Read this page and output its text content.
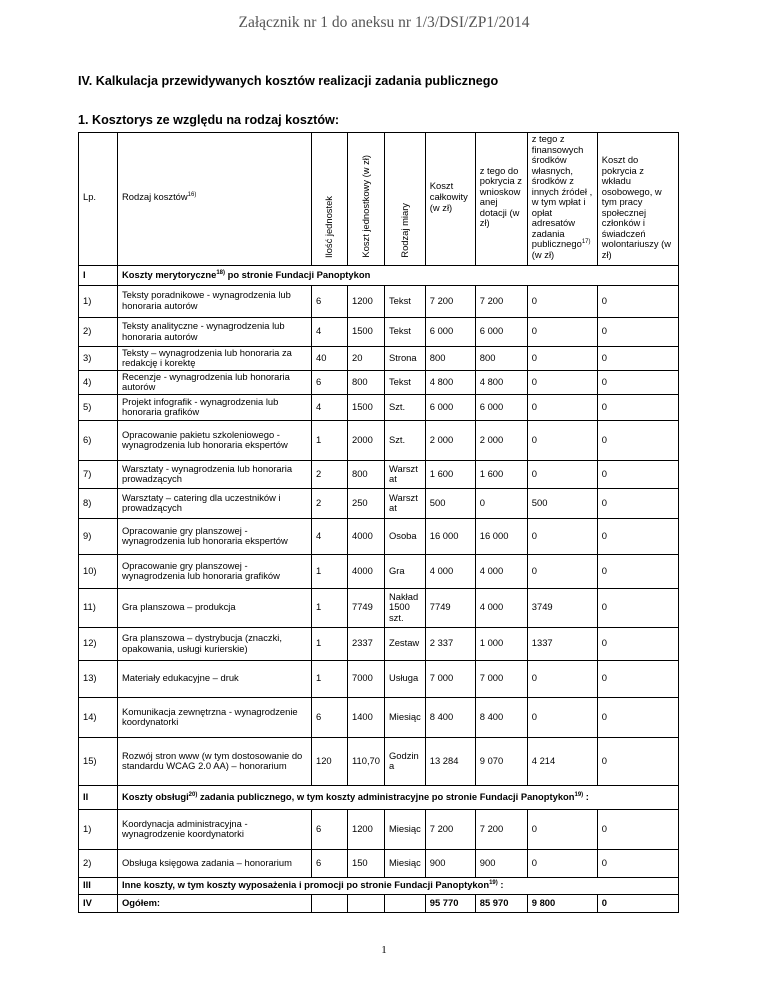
Załącznik nr 1 do aneksu nr 1/3/DSI/ZP1/2014
IV. Kalkulacja przewidywanych kosztów realizacji zadania publicznego
1. Kosztorys ze względu na rodzaj kosztów:
Lp.	Rodzaj kosztów$^{16)}$	Ilość jednostek	Koszt jednostkowy (w zł)	Rodzaj miary	Koszt całkowity (w zł)	z tego do pokrycia z wnioskow anej dotacji (w zł)	z tego z finansowych środków własnych, środków z innych źródeł , w tym wpłat i opłat adresatów zadania publicznego$^{17)}$ (w zł)	Koszt do pokrycia z wkładu osobowego, w tym pracy społecznej członków i świadczeń wolontariuszy (w zł)
I	Koszty merytoryczne$^{18)}$ po stronie Fundacji Panoptykon							
1)	Teksty poradnikowe - wynagrodzenia lub honoraria autorów	6	1200	Tekst	7 200	7 200	0	0
2)	Teksty analityczne - wynagrodzenia lub honoraria autorów	4	1500	Tekst	6 000	6 000	0	0
3)	Teksty – wynagrodzenia lub honoraria za redakcję i korektę	40	20	Strona	800	800	0	0
4)	Recenzje - wynagrodzenia lub honoraria autorów	6	800	Tekst	4 800	4 800	0	0
5)	Projekt infografik - wynagrodzenia lub honoraria grafików	4	1500	Szt.	6 000	6 000	0	0
6)	Opracowanie pakietu szkoleniowego - wynagrodzenia lub honoraria ekspertów	1	2000	Szt.	2 000	2 000	0	0
7)	Warsztaty - wynagrodzenia lub honoraria prowadzących	2	800	Warszt at	1 600	1 600	0	0
8)	Warsztaty – catering dla uczestników i prowadzących	2	250	Warszt at	500	0	500	0
9)	Opracowanie gry planszowej - wynagrodzenia lub honoraria ekspertów	4	4000	Osoba	16 000	16 000	0	0
10)	Opracowanie gry planszowej - wynagrodzenia lub honoraria grafików	1	4000	Gra	4 000	4 000	0	0
11)	Gra planszowa – produkcja	1	7749	Nakład 1500 szt.	7749	4 000	3749	0
12)	Gra planszowa – dystrybucja (znaczki, opakowania, usługi kurierskie)	1	2337	Zestaw	2 337	1 000	1337	0
13)	Materiały edukacyjne – druk	1	7000	Usługa	7 000	7 000	0	0
14)	Komunikacja zewnętrzna - wynagrodzenie koordynatorki	6	1400	Miesiąc	8 400	8 400	0	0
15)	Rozwój stron www (w tym dostosowanie do standardu WCAG 2.0 AA) – honorarium	120	110,70	Godzin a	13 284	9 070	4 214	0
II	Koszty obsługi$^{20)}$ zadania publicznego, w tym koszty administracyjne po stronie Fundacji Panoptykon$^{19)}$ :							
1)	Koordynacja administracyjna - wynagrodzenie koordynatorki	6	1200	Miesiąc	7 200	7 200	0	0
2)	Obsługa księgowa zadania – honorarium	6	150	Miesiąc	900	900	0	0
III	Inne koszty, w tym koszty wyposażenia i promocji po stronie Fundacji Panoptykon$^{19)}$ :							
IV	Ogółem:				95 770	85 970	9 800	0
1
